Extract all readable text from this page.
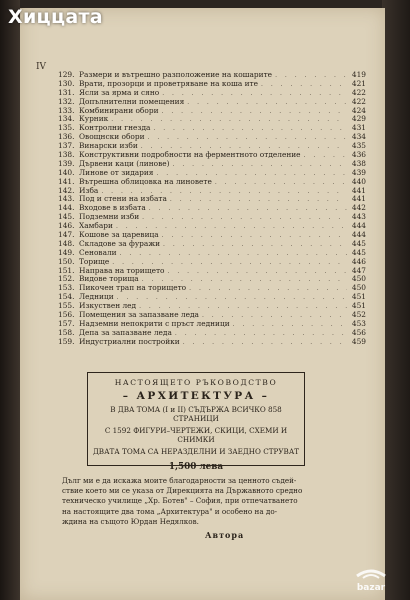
Хиццата
IV
129. Размери и вътрешно разположение на кошарите . . .	419
130. Врати, прозорци и проветряване на коша ите . . .	421
131. Ясли за ярма и сяно . . .	422
132. Допълнителни помещения . . .	422
133. Комбинирани обори . . .	424
134. Курник . . .	429
135. Контролни гнезда . . .	431
136. Овощнски обори . . .	434
137. Винарски изби . . .	435
138. Конструктивни подробности на ферментното отделение . . .	436
139. Дървени каци (линове) . . .	438
140. Линове от зидария . . .	439
141. Вътрешна облицовка на линовете . . .	440
142. Изба . . .	441
143. Под и стени на избата . . .	441
144. Входове в избата . . .	442
145. Подземни изби . . .	443
146. Хамбари . . .	444
147. Кошове за царевица . . .	444
148. Складове за фуражи . . .	445
149. Сеновали . . .	445
150. Торище . . .	446
151. Направа на торището . . .	447
152. Видове торища . . .	450
153. Пикочен трап на торището . . .	450
154. Ледници . . .	451
155. Изкуствен лед . . .	451
156. Помещения за запазване леда . . .	452
157. Надземни непокрити с пръст ледници . . .	453
158. Депа за запазване леда . . .	456
159. Индустриални постройки . . .	459
НАСТОЯЩЕТО РЪКОВОДСТВО
– АРХИТЕКТУРА –
В ДВА ТОМА (I и II) СЪДЪРЖА ВСИЧКО 858 СТРАНИЦИ
С 1592 ФИГУРИ–ЧЕРТЕЖИ, СКИЦИ, СХЕМИ И СНИМКИ
ДВАТА ТОМА СА НЕРАЗДЕЛНИ И ЗАЕДНО СТРУВАТ
1,500 лева
Дълг ми е да искажа моите благодарности за ценното съдей-
ствие което ми се указа от Дирекцията на Държавното средно
техническо училище „Хр. Ботев" – София, при отпечатването
на настоящите два тома „Архитектура" и особено на до-
ждина на същото Юрдан Недялков.
Автора
bazar
